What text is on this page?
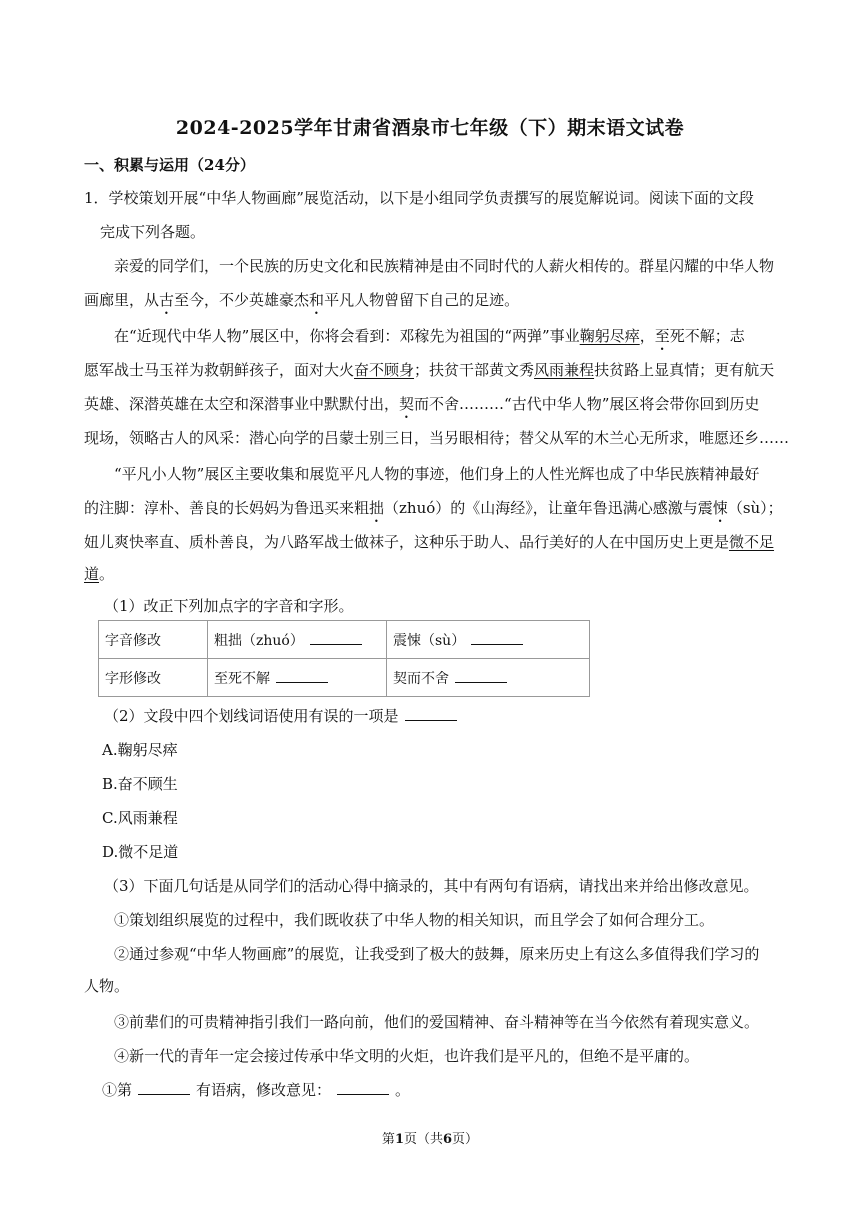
2024-2025学年甘肃省酒泉市七年级（下）期末语文试卷
一、积累与运用（24分）
1．学校策划开展“中华人物画廊”展览活动，以下是小组同学负责撰写的展览解说词。阅读下面的文段
完成下列各题。
亲爱的同学们，一个民族的历史文化和民族精神是由不同时代的人薪火相传的。群星闪耀的中华人物
画廊里，从古至今，不少英雄豪杰和平凡人物曾留下自己的足迹。
在“近现代中华人物”展区中，你将会看到：邓稼先为祖国的“两弹”事业鞠躬尽瘁，至死不解；志
愿军战士马玉祥为救朝鲜孩子，面对大火奋不顾身；扶贫干部黄文秀风雨兼程扶贫路上显真情；更有航天
英雄、深潜英雄在太空和深潜事业中默默付出，契而不舍………“古代中华人物”展区将会带你回到历史
现场，领略古人的风采：潜心向学的吕蒙士别三日，当另眼相待；替父从军的木兰心无所求，唯愿还乡……
“平凡小人物”展区主要收集和展览平凡人物的事迹，他们身上的人性光辉也成了中华民族精神最好
的注脚：淳朴、善良的长妈妈为鲁迅买来粗拙（zhuó）的《山海经》，让童年鲁迅满心感激与震悚（sù）；
妞儿爽快率直、质朴善良，为八路军战士做袜子，这种乐于助人、品行美好的人在中国历史上更是微不足
道。
（1）改正下列加点字的字音和字形。
字音修改	粗拙（zhuó）	震悚（sù）
字形修改	至死不解	契而不舍
（2）文段中四个划线词语使用有误的一项是
A.鞠躬尽瘁
B.奋不顾生
C.风雨兼程
D.微不足道
（3）下面几句话是从同学们的活动心得中摘录的，其中有两句有语病，请找出来并给出修改意见。
①策划组织展览的过程中，我们既收获了中华人物的相关知识，而且学会了如何合理分工。
②通过参观“中华人物画廊”的展览，让我受到了极大的鼓舞，原来历史上有这么多值得我们学习的
人物。
③前辈们的可贵精神指引我们一路向前，他们的爱国精神、奋斗精神等在当今依然有着现实意义。
④新一代的青年一定会接过传承中华文明的火炬，也许我们是平凡的，但绝不是平庸的。
①第	有语病，修改意见：	。
第1页（共6页）
